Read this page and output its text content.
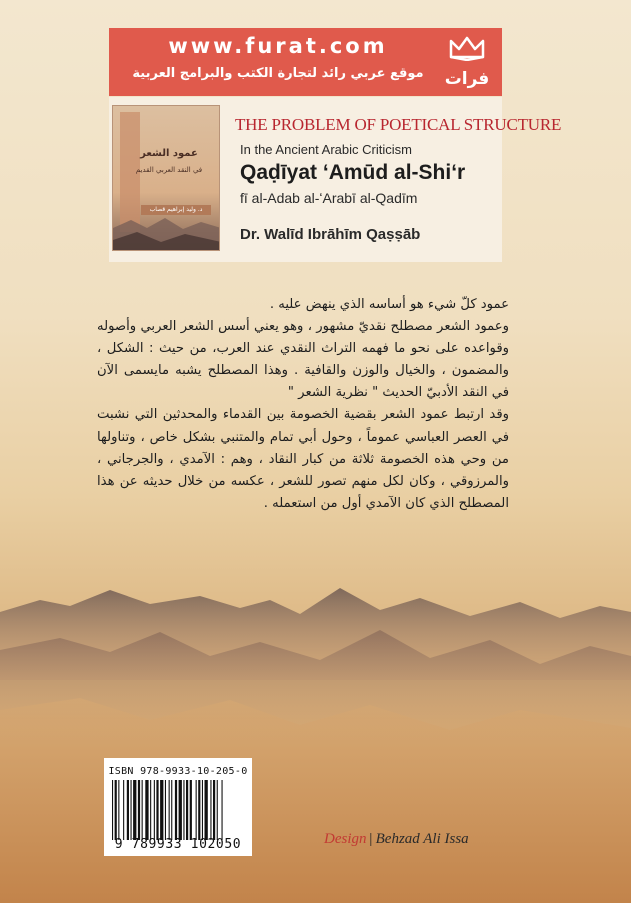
www.furat.com
موقع عربي رائد لتجارة الكتب والبرامج العربية	فرات
عمود الشعر
في النقد العربي القديم
د. وليد إبراهيم قصاب
THE PROBLEM OF POETICAL STRUCTURE
In the Ancient Arabic Criticism
Qaḍīyat ʻAmūd al-Shiʻr
fī al-Adab al-ʻArabī al-Qadīm
Dr. Walīd Ibrāhīm Qaṣṣāb

عمود كلّ شيء هو أساسه الذي ينهض عليه .

وعمود الشعر مصطلح نقديّ مشهور ، وهو يعني أسس الشعر العربي وأصوله وقواعده على نحو ما فهمه التراث النقدي عند العرب، من حيث : الشكل ، والمضمون ، والخيال والوزن والقافية . وهذا المصطلح يشبه مايسمى الآن في النقد الأدبيّ الحديث " نظرية الشعر "

وقد ارتبط عمود الشعر بقضية الخصومة بين القدماء والمحدثين التي نشبت في العصر العباسي عموماً ، وحول أبي تمام والمتنبي بشكل خاص ، وتناولها من وحي هذه الخصومة ثلاثة من كبار النقاد ، وهم : الآمدي ، والجرجاني ، والمرزوقي ، وكان لكل منهم تصور للشعر ، عكسه من خلال حديثه عن هذا المصطلح الذي كان الآمدي أول من استعمله .

ISBN 978-9933-10-205-0
9 789933 102050	Design | Behzad Ali Issa
